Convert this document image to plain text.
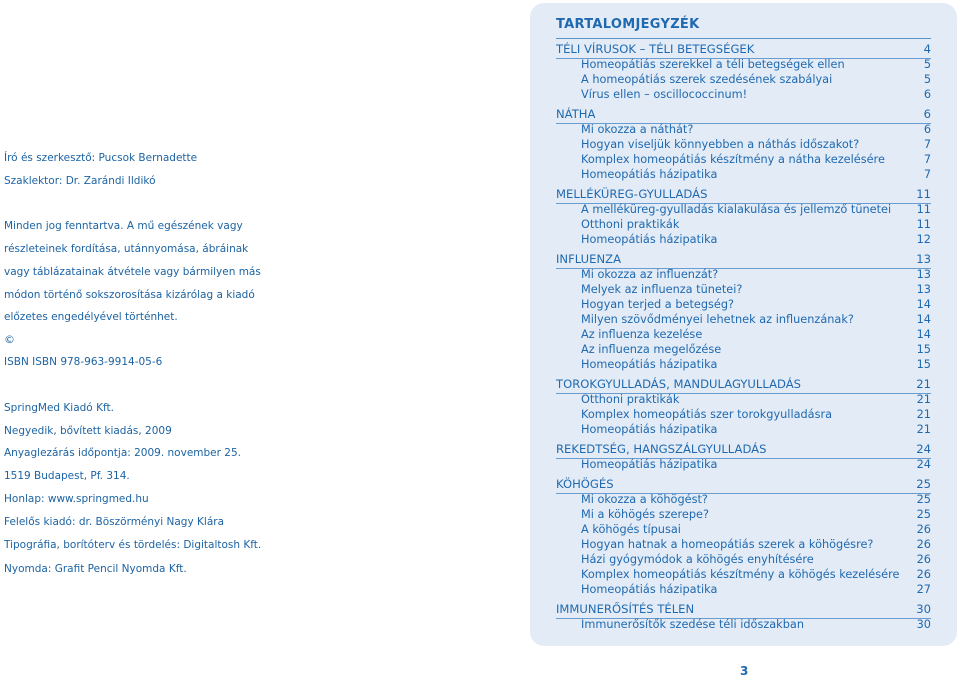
Író és szerkesztő: Pucsok Bernadette
Szaklektor: Dr. Zarándi Ildikó
Minden jog fenntartva. A mű egészének vagy
részleteinek fordítása, utánnyomása, ábráinak
vagy táblázatainak átvétele vagy bármilyen más
módon történő sokszorosítása kizárólag a kiadó
előzetes engedélyével történhet.
©
ISBN ISBN 978-963-9914-05-6
SpringMed Kiadó Kft.
Negyedik, bővített kiadás, 2009
Anyaglezárás időpontja: 2009. november 25.
1519 Budapest, Pf. 314.
Honlap: www.springmed.hu
Felelős kiadó: dr. Böszörményi Nagy Klára
Tipográfia, borítóterv és tördelés: Digitaltosh Kft.
Nyomda: Grafit Pencil Nyomda Kft.
TARTALOMJEGYZÉK
TÉLI VÍRUSOK – TÉLI BETEGSÉGEK	4
Homeopátiás szerekkel a téli betegségek ellen	5
A homeopátiás szerek szedésének szabályai	5
Vírus ellen – oscillococcinum!	6
NÁTHA	6
Mi okozza a náthát?	6
Hogyan viseljük könnyebben a náthás időszakot?	7
Komplex homeopátiás készítmény a nátha kezelésére	7
Homeopátiás házipatika	7
MELLÉKÜREG-GYULLADÁS	11
A melléküreg-gyulladás kialakulása és jellemző tünetei 11
Otthoni praktikák	11
Homeopátiás házipatika	12
INFLUENZA	13
Mi okozza az influenzát?	13
Melyek az influenza tünetei?	13
Hogyan terjed a betegség?	14
Milyen szövődményei lehetnek az influenzának?	14
Az influenza kezelése	14
Az influenza megelőzése	15
Homeopátiás házipatika	15
TOROKGYULLADÁS, MANDULAGYULLADÁS	21
Otthoni praktikák	21
Komplex homeopátiás szer torokgyulladásra	21
Homeopátiás házipatika	21
REKEDTSÉG, HANGSZÁLGYULLADÁS	24
Homeopátiás házipatika	24
KÖHÖGÉS	25
Mi okozza a köhögést?	25
Mi a köhögés szerepe?	25
A köhögés típusai	26
Hogyan hatnak a homeopátiás szerek a köhögésre?	26
Házi gyógymódok a köhögés enyhítésére	26
Komplex homeopátiás készítmény a köhögés kezelésére 26
Homeopátiás házipatika	27
IMMUNERŐSÍTÉS TÉLEN	30
Immunerősítők szedése téli időszakban	30
3
